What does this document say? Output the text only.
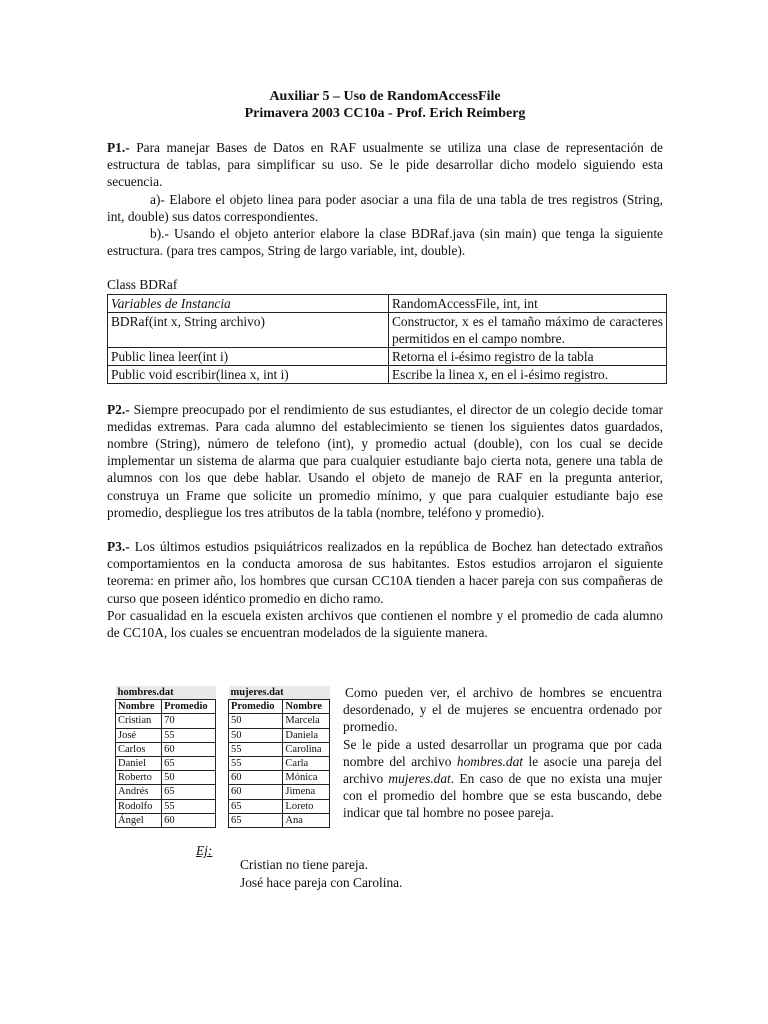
Auxiliar 5 – Uso de RandomAccessFile
Primavera 2003 CC10a - Prof. Erich Reimberg

P1.- Para manejar Bases de Datos en RAF usualmente se utiliza una clase de representación de estructura de tablas, para simplificar su uso. Se le pide desarrollar dicho modelo siguiendo esta secuencia.

a)- Elabore el objeto linea para poder asociar a una fila de una tabla de tres registros (String, int, double) sus datos correspondientes.

b).- Usando el objeto anterior elabore la clase BDRaf.java (sin main) que tenga la siguiente estructura. (para tres campos, String de largo variable, int, double).

Class BDRaf
Variables de Instancia	RandomAccessFile, int, int
BDRaf(int x, String archivo)	Constructor, x es el tamaño máximo de caracteres permitidos en el campo nombre.
Public linea leer(int i)	Retorna el i-ésimo registro de la tabla
Public void escribir(linea x, int i)	Escribe la linea x, en el i-ésimo registro.

P2.- Siempre preocupado por el rendimiento de sus estudiantes, el director de un colegio decide tomar medidas extremas. Para cada alumno del establecimiento se tienen los siguientes datos guardados, nombre (String), número de telefono (int), y promedio actual (double), con los cual se decide implementar un sistema de alarma que para cualquier estudiante bajo cierta nota, genere una tabla de alumnos con los que debe hablar. Usando el objeto de manejo de RAF en la pregunta anterior, construya un Frame que solicite un promedio mínimo, y que para cualquier estudiante bajo ese promedio, despliegue los tres atributos de la tabla (nombre, teléfono y promedio).

P3.- Los últimos estudios psiquiátricos realizados en la república de Bochez han detectado extraños comportamientos en la conducta amorosa de sus habitantes. Estos estudios arrojaron el siguiente teorema: en primer año, los hombres que cursan CC10A tienden a hacer pareja con sus compañeras de curso que poseen idéntico promedio en dicho ramo.

Por casualidad en la escuela existen archivos que contienen el nombre y el promedio de cada alumno de CC10A, los cuales se encuentran modelados de la siguiente manera.

hombres.dat	
Nombre	Promedio
Cristian	70
José	55
Carlos	60
Daniel	65
Roberto	50
Andrés	65
Rodolfo	55
Ángel	60
mujeres.dat	
Promedio	Nombre
50	Marcela
50	Daniela
55	Carolina
55	Carla
60	Mónica
60	Jimena
65	Loreto
65	Ana
Como pueden ver, el archivo de hombres se encuentra desordenado, y el de mujeres se encuentra ordenado por promedio.
Se le pide a usted desarrollar un programa que por cada nombre del archivo hombres.dat le asocie una pareja del archivo mujeres.dat. En caso de que no exista una mujer con el promedio del hombre que se esta buscando, debe indicar que tal hombre no posee pareja.
Ej:
Cristian no tiene pareja.
José hace pareja con Carolina.
